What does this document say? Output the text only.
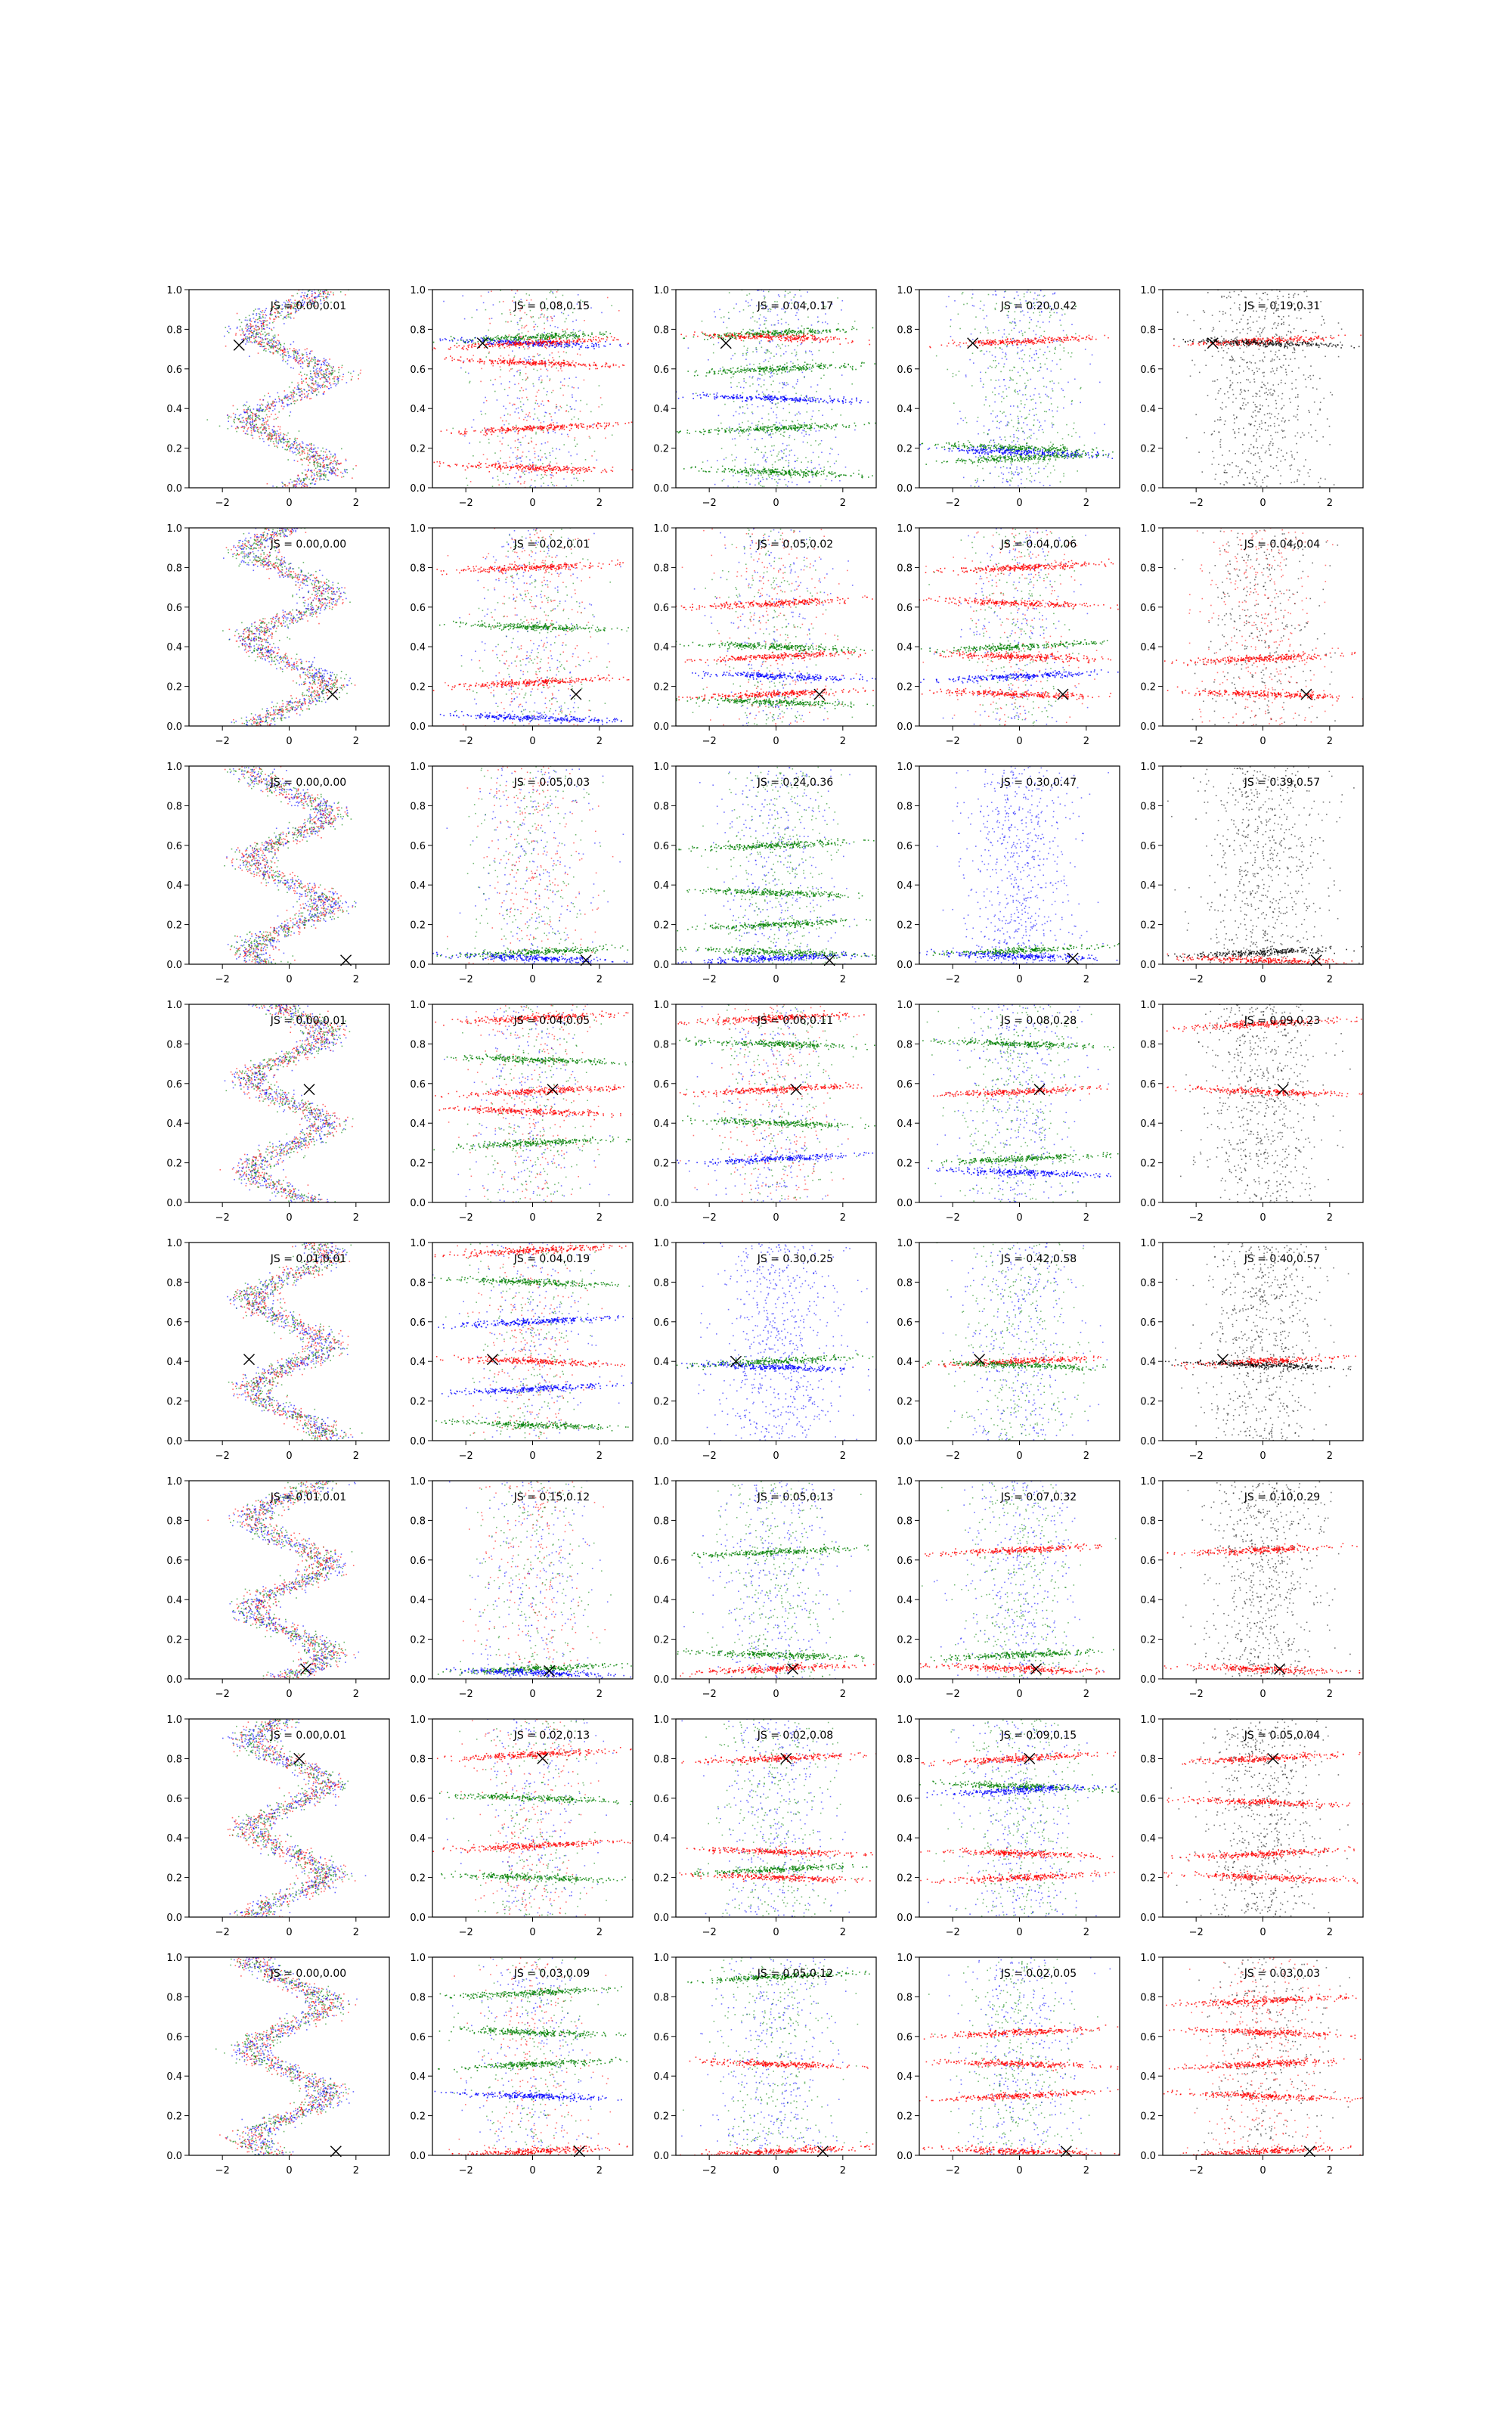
−2	0	2
0.0
0.2
0.4
0.6
0.8
1.0
JS = 0.00,0.01
−2	0	2
0.0
0.2
0.4
0.6
0.8
1.0
JS = 0.08,0.15
−2	0	2
0.0
0.2
0.4
0.6
0.8
1.0
JS = 0.04,0.17
−2	0	2
0.0
0.2
0.4
0.6
0.8
1.0
JS = 0.20,0.42
−2	0	2
0.0
0.2
0.4
0.6
0.8
1.0
JS = 0.19,0.31
−2	0	2
0.0
0.2
0.4
0.6
0.8
1.0
JS = 0.00,0.00
−2	0	2
0.0
0.2
0.4
0.6
0.8
1.0
JS = 0.02,0.01
−2	0	2
0.0
0.2
0.4
0.6
0.8
1.0
JS = 0.05,0.02
−2	0	2
0.0
0.2
0.4
0.6
0.8
1.0
JS = 0.04,0.06
−2	0	2
0.0
0.2
0.4
0.6
0.8
1.0
JS = 0.04,0.04
−2	0	2
0.0
0.2
0.4
0.6
0.8
1.0
JS = 0.00,0.00
−2	0	2
0.0
0.2
0.4
0.6
0.8
1.0
JS = 0.05,0.03
−2	0	2
0.0
0.2
0.4
0.6
0.8
1.0
JS = 0.24,0.36
−2	0	2
0.0
0.2
0.4
0.6
0.8
1.0
JS = 0.30,0.47
−2	0	2
0.0
0.2
0.4
0.6
0.8
1.0
JS = 0.39,0.57
−2	0	2
0.0
0.2
0.4
0.6
0.8
1.0
JS = 0.00,0.01
−2	0	2
0.0
0.2
0.4
0.6
0.8
1.0
JS = 0.04,0.05
−2	0	2
0.0
0.2
0.4
0.6
0.8
1.0
JS = 0.06,0.11
−2	0	2
0.0
0.2
0.4
0.6
0.8
1.0
JS = 0.08,0.28
−2	0	2
0.0
0.2
0.4
0.6
0.8
1.0
JS = 0.09,0.23
−2	0	2
0.0
0.2
0.4
0.6
0.8
1.0
JS = 0.01,0.01
−2	0	2
0.0
0.2
0.4
0.6
0.8
1.0
JS = 0.04,0.19
−2	0	2
0.0
0.2
0.4
0.6
0.8
1.0
JS = 0.30,0.25
−2	0	2
0.0
0.2
0.4
0.6
0.8
1.0
JS = 0.42,0.58
−2	0	2
0.0
0.2
0.4
0.6
0.8
1.0
JS = 0.40,0.57
−2	0	2
0.0
0.2
0.4
0.6
0.8
1.0
JS = 0.01,0.01
−2	0	2
0.0
0.2
0.4
0.6
0.8
1.0
JS = 0.15,0.12
−2	0	2
0.0
0.2
0.4
0.6
0.8
1.0
JS = 0.05,0.13
−2	0	2
0.0
0.2
0.4
0.6
0.8
1.0
JS = 0.07,0.32
−2	0	2
0.0
0.2
0.4
0.6
0.8
1.0
JS = 0.10,0.29
−2	0	2
0.0
0.2
0.4
0.6
0.8
1.0
JS = 0.00,0.01
−2	0	2
0.0
0.2
0.4
0.6
0.8
1.0
JS = 0.02,0.13
−2	0	2
0.0
0.2
0.4
0.6
0.8
1.0
JS = 0.02,0.08
−2	0	2
0.0
0.2
0.4
0.6
0.8
1.0
JS = 0.09,0.15
−2	0	2
0.0
0.2
0.4
0.6
0.8
1.0
JS = 0.05,0.04
−2	0	2
0.0
0.2
0.4
0.6
0.8
1.0
JS = 0.00,0.00
−2	0	2
0.0
0.2
0.4
0.6
0.8
1.0
JS = 0.03,0.09
−2	0	2
0.0
0.2
0.4
0.6
0.8
1.0
JS = 0.05,0.12
−2	0	2
0.0
0.2
0.4
0.6
0.8
1.0
JS = 0.02,0.05
−2	0	2
0.0
0.2
0.4
0.6
0.8
1.0
JS = 0.03,0.03
